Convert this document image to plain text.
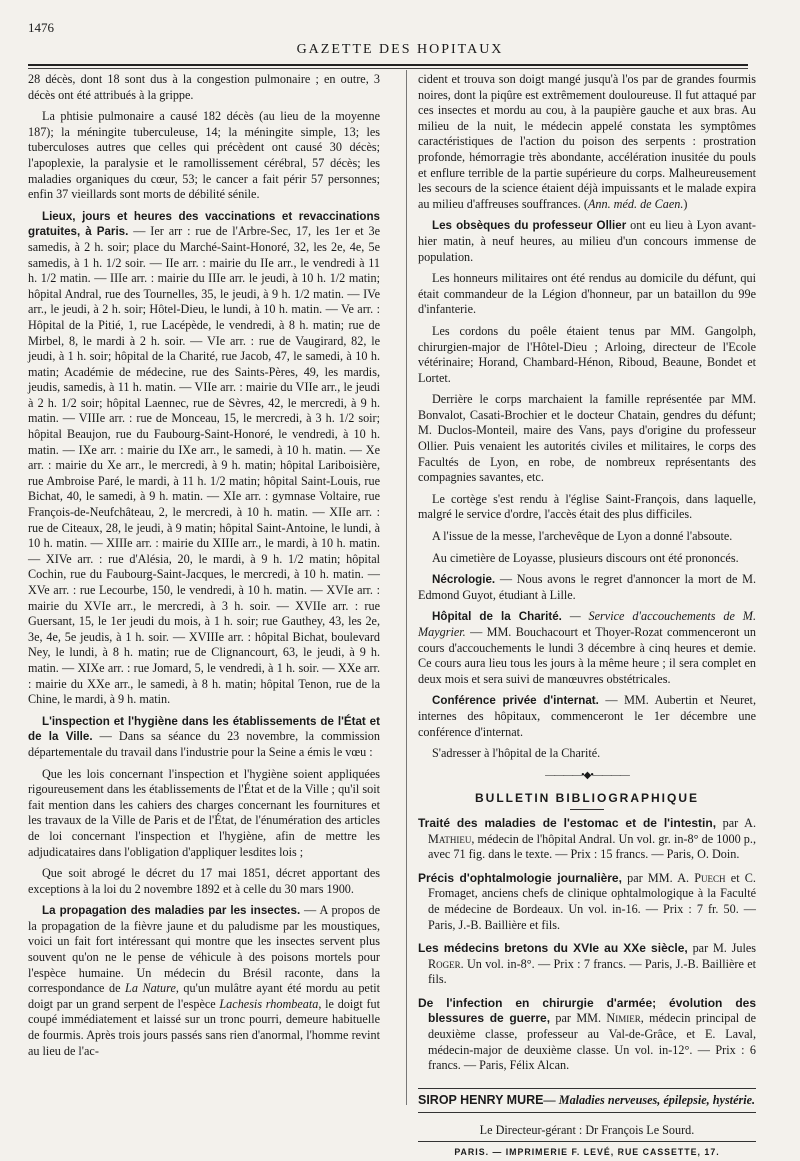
1476
GAZETTE DES HOPITAUX

28 décès, dont 18 sont dus à la congestion pulmonaire ; en outre, 3 décès ont été attribués à la grippe.

La phtisie pulmonaire a causé 182 décès (au lieu de la moyenne 187); la méningite tuberculeuse, 14; la méningite simple, 13; les tuberculoses autres que celles qui précèdent ont causé 30 décès; l'apoplexie, la paralysie et le ramollissement cérébral, 57 décès; les maladies organiques du cœur, 53; le cancer a fait périr 57 personnes; enfin 37 vieillards sont morts de débilité sénile.

Lieux, jours et heures des vaccinations et revaccinations gratuites, à Paris. — Ier arr : rue de l'Arbre-Sec, 17, les 1er et 3e samedis, à 2 h. soir; place du Marché-Saint-Honoré, 32, les 2e, 4e, 5e samedis, à 1 h. 1/2 soir. — IIe arr. : mairie du IIe arr., le vendredi à 11 h. 1/2 matin. — IIIe arr. : mairie du IIIe arr. le jeudi, à 10 h. 1/2 matin; hôpital Andral, rue des Tournelles, 35, le jeudi, à 9 h. 1/2 matin. — IVe arr., le jeudi, à 2 h. soir; Hôtel-Dieu, le lundi, à 10 h. matin. — Ve arr. : Hôpital de la Pitié, 1, rue Lacépède, le vendredi, à 8 h. matin; rue de Mirbel, 8, le mardi à 2 h. soir. — VIe arr. : rue de Vaugirard, 82, le jeudi, à 1 h. soir; hôpital de la Charité, rue Jacob, 47, le samedi, à 10 h. matin; Académie de médecine, rue des Saints-Pères, 49, les mardis, jeudis, samedis, à 11 h. matin. — VIIe arr. : mairie du VIIe arr., le jeudi à 2 h. 1/2 soir; hôpital Laennec, rue de Sèvres, 42, le mercredi, à 9 h. matin. — VIIIe arr. : rue de Monceau, 15, le mercredi, à 3 h. 1/2 soir; hôpital Beaujon, rue du Faubourg-Saint-Honoré, le vendredi, à 10 h. matin. — IXe arr. : mairie du IXe arr., le samedi, à 10 h. matin. — Xe arr. : mairie du Xe arr., le mercredi, à 9 h. matin; hôpital Lariboisière, rue Ambroise Paré, le mardi, à 11 h. 1/2 matin; hôpital Saint-Louis, rue Bichat, 40, le samedi, à 9 h. matin. — XIe arr. : gymnase Voltaire, rue François-de-Neufchâteau, 2, le mercredi, à 10 h. matin. — XIIe arr. : rue de Citeaux, 28, le jeudi, à 9 matin; hôpital Saint-Antoine, le lundi, à 10 h. matin. — XIIIe arr. : mairie du XIIIe arr., le mardi, à 10 h. matin. — XIVe arr. : rue d'Alésia, 20, le mardi, à 9 h. 1/2 matin; hôpital Cochin, rue du Faubourg-Saint-Jacques, le mercredi, à 10 h. matin. — XVe arr. : rue Lecourbe, 150, le vendredi, à 10 h. matin. — XVIe arr. : mairie du XVIe arr., le mercredi, à 3 h. soir. — XVIIe arr. : rue Guersant, 15, le 1er jeudi du mois, à 1 h. soir; rue Gauthey, 43, les 2e, 3e, 4e, 5e jeudis, à 1 h. soir. — XVIIIe arr. : hôpital Bichat, boulevard Ney, le lundi, à 8 h. matin; rue de Clignancourt, 63, le jeudi, à 9 h. matin. — XIXe arr. : rue Jomard, 5, le vendredi, à 1 h. soir. — XXe arr. : mairie du XXe arr., le samedi, à 8 h. matin; hôpital Tenon, rue de la Chine, le mardi, à 9 h. matin.

L'inspection et l'hygiène dans les établissements de l'État et de la Ville. — Dans sa séance du 23 novembre, la commission départementale du travail dans l'industrie pour la Seine a émis le vœu :

Que les lois concernant l'inspection et l'hygiène soient appliquées rigoureusement dans les établissements de l'État et de la Ville ; qu'il soit fait mention dans les cahiers des charges concernant les fournitures et les travaux de la Ville de Paris et de l'État, de l'énumération des articles de loi concernant l'inspection et l'hygiène, afin de mettre les adjudicataires dans l'obligation d'appliquer lesdites lois ;

Que soit abrogé le décret du 17 mai 1851, décret apportant des exceptions à la loi du 2 novembre 1892 et à celle du 30 mars 1900.

La propagation des maladies par les insectes. — A propos de la propagation de la fièvre jaune et du paludisme par les moustiques, voici un fait fort intéressant qui montre que les insectes servent plus souvent qu'on ne le pense de véhicule à des poisons mortels pour l'espèce humaine. Un médecin du Brésil raconte, dans la correspondance de La Nature, qu'un mulâtre ayant été mordu au petit doigt par un grand serpent de l'espèce Lachesis rhombeata, le doigt fut coupé immédiatement et laissé sur un tronc pourri, demeure habituelle de fourmis. Après trois jours passés sans rien d'anormal, l'homme revint au lieu de l'ac-

cident et trouva son doigt mangé jusqu'à l'os par de grandes fourmis noires, dont la piqûre est extrêmement douloureuse. Il fut attaqué par ces insectes et mordu au cou, à la paupière gauche et aux bras. Au milieu de la nuit, le médecin appelé constata les symptômes caractéristiques de l'action du poison des serpents : prostration profonde, hémorragie très abondante, accélération inusitée du pouls et enflure terrible de la partie supérieure du corps. Malheureusement les secours de la science étaient déjà impuissants et le malade expira au milieu d'affreuses souffrances. (Ann. méd. de Caen.)

Les obsèques du professeur Ollier ont eu lieu à Lyon avant-hier matin, à neuf heures, au milieu d'un concours immense de population.

Les honneurs militaires ont été rendus au domicile du défunt, qui était commandeur de la Légion d'honneur, par un bataillon du 99e d'infanterie.

Les cordons du poêle étaient tenus par MM. Gangolph, chirurgien-major de l'Hôtel-Dieu ; Arloing, directeur de l'Ecole vétérinaire; Horand, Chambard-Hénon, Riboud, Beaune, Bondet et Lortet.

Derrière le corps marchaient la famille représentée par MM. Bonvalot, Casati-Brochier et le docteur Chatain, gendres du défunt; M. Duclos-Monteil, maire des Vans, pays d'origine du professeur Ollier. Puis venaient les autorités civiles et militaires, le corps des Facultés de Lyon, en robe, de nombreux représentants des compagnies savantes, etc.

Le cortège s'est rendu à l'église Saint-François, dans laquelle, malgré le service d'ordre, l'accès était des plus difficiles.

A l'issue de la messe, l'archevêque de Lyon a donné l'absoute.

Au cimetière de Loyasse, plusieurs discours ont été prononcés.

Nécrologie. — Nous avons le regret d'annoncer la mort de M. Edmond Guyot, étudiant à Lille.

Hôpital de la Charité. — Service d'accouchements de M. Maygrier. — MM. Bouchacourt et Thoyer-Rozat commenceront un cours d'accouchements le lundi 3 décembre à cinq heures et demie. Ce cours aura lieu tous les jours à la même heure ; il sera complet en deux mois et sera suivi de manœuvres obstétricales.

Conférence privée d'internat. — MM. Aubertin et Neuret, internes des hôpitaux, commenceront le 1er décembre une conférence d'internat.

S'adresser à l'hôpital de la Charité.

————•◆•————
BULLETIN BIBLIOGRAPHIQUE

Traité des maladies de l'estomac et de l'intestin, par A. Mathieu, médecin de l'hôpital Andral. Un vol. gr. in-8° de 1000 p., avec 71 fig. dans le texte. — Prix : 15 francs. — Paris, O. Doin.

Précis d'ophtalmologie journalière, par MM. A. Puech et C. Fromaget, anciens chefs de clinique ophtalmologique à la Faculté de médecine de Bordeaux. Un vol. in-16. — Prix : 7 fr. 50. — Paris, J.-B. Baillière et fils.

Les médecins bretons du XVIe au XXe siècle, par M. Jules Roger. Un vol. in-8°. — Prix : 7 francs. — Paris, J.-B. Baillière et fils.

De l'infection en chirurgie d'armée; évolution des blessures de guerre, par MM. Nimier, médecin principal de deuxième classe, professeur au Val-de-Grâce, et E. Laval, médecin-major de deuxième classe. Un vol. in-12°. — Prix : 6 francs. — Paris, Félix Alcan.

SIROP HENRY MURE— Maladies nerveuses, épilepsie, hystérie.
Le Directeur-gérant : Dr François Le Sourd.
PARIS. — IMPRIMERIE F. LEVÉ, RUE CASSETTE, 17.
